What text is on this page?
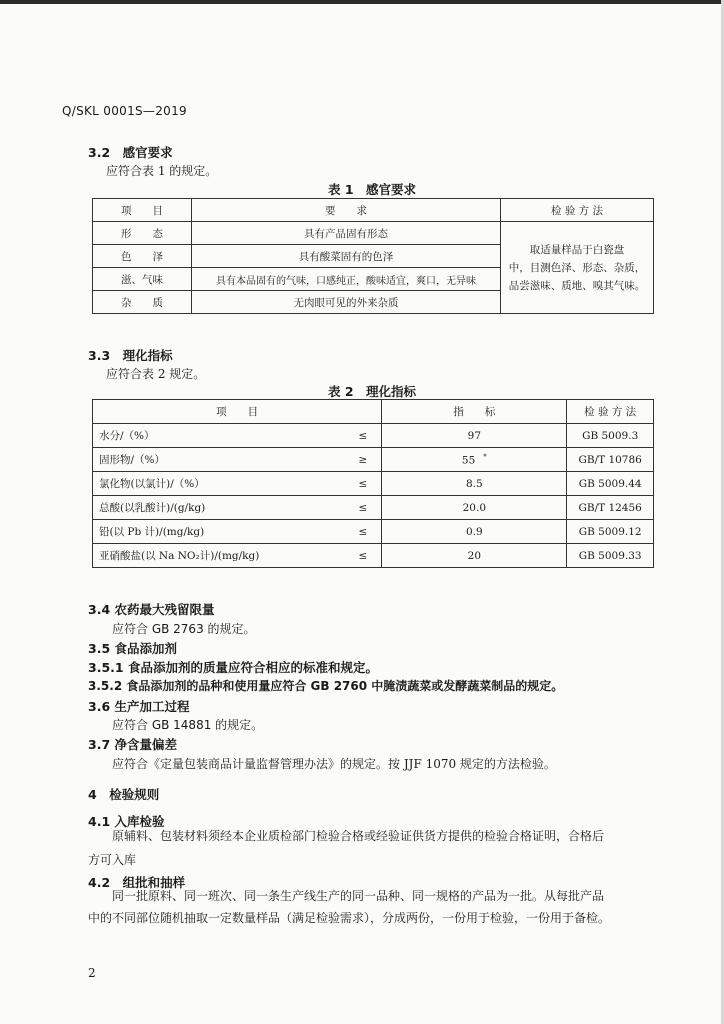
Q/SKL 0001S—2019
3.2　感官要求
应符合表 1 的规定。
表 1　感官要求
项　　目	要　　求	检 验 方 法
形　　态	具有产品固有形态	取适量样品于白瓷盘
中，目测色泽、形态、杂质，
品尝滋味、质地、嗅其气味。

色　　泽	具有酸菜固有的色泽	
滋、气味	具有本品固有的气味，口感纯正，酸味适宜，爽口，无异味	
杂　　质	无肉眼可见的外来杂质	
3.3　理化指标
应符合表 2 规定。
表 2　理化指标
项　　目		指　　标	检 验 方 法
水分/（%）	≤	97	GB 5009.3
固形物/（%）	≥	55 *	GB/T 10786
氯化物(以氯计)/（%）	≤	8.5	GB 5009.44
总酸(以乳酸计)/(g/kg)	≤	20.0	GB/T 12456
铅(以 Pb 计)/(mg/kg)	≤	0.9	GB 5009.12
亚硝酸盐(以 Na NO₂计)/(mg/kg)	≤	20	GB 5009.33
3.4 农药最大残留限量
应符合 GB 2763 的规定。
3.5 食品添加剂
3.5.1 食品添加剂的质量应符合相应的标准和规定。
3.5.2 食品添加剂的品种和使用量应符合 GB 2760 中腌渍蔬菜或发酵蔬菜制品的规定。
3.6 生产加工过程
应符合 GB 14881 的规定。
3.7 净含量偏差
应符合《定量包装商品计量监督管理办法》的规定。按 JJF 1070 规定的方法检验。
4　检验规则
4.1 入库检验
原辅料、包装材料须经本企业质检部门检验合格或经验证供货方提供的检验合格证明，合格后
方可入库
4.2　组批和抽样
同一批原料、同一班次、同一条生产线生产的同一品种、同一规格的产品为一批。从每批产品
中的不同部位随机抽取一定数量样品（满足检验需求），分成两份，一份用于检验，一份用于备检。
2
